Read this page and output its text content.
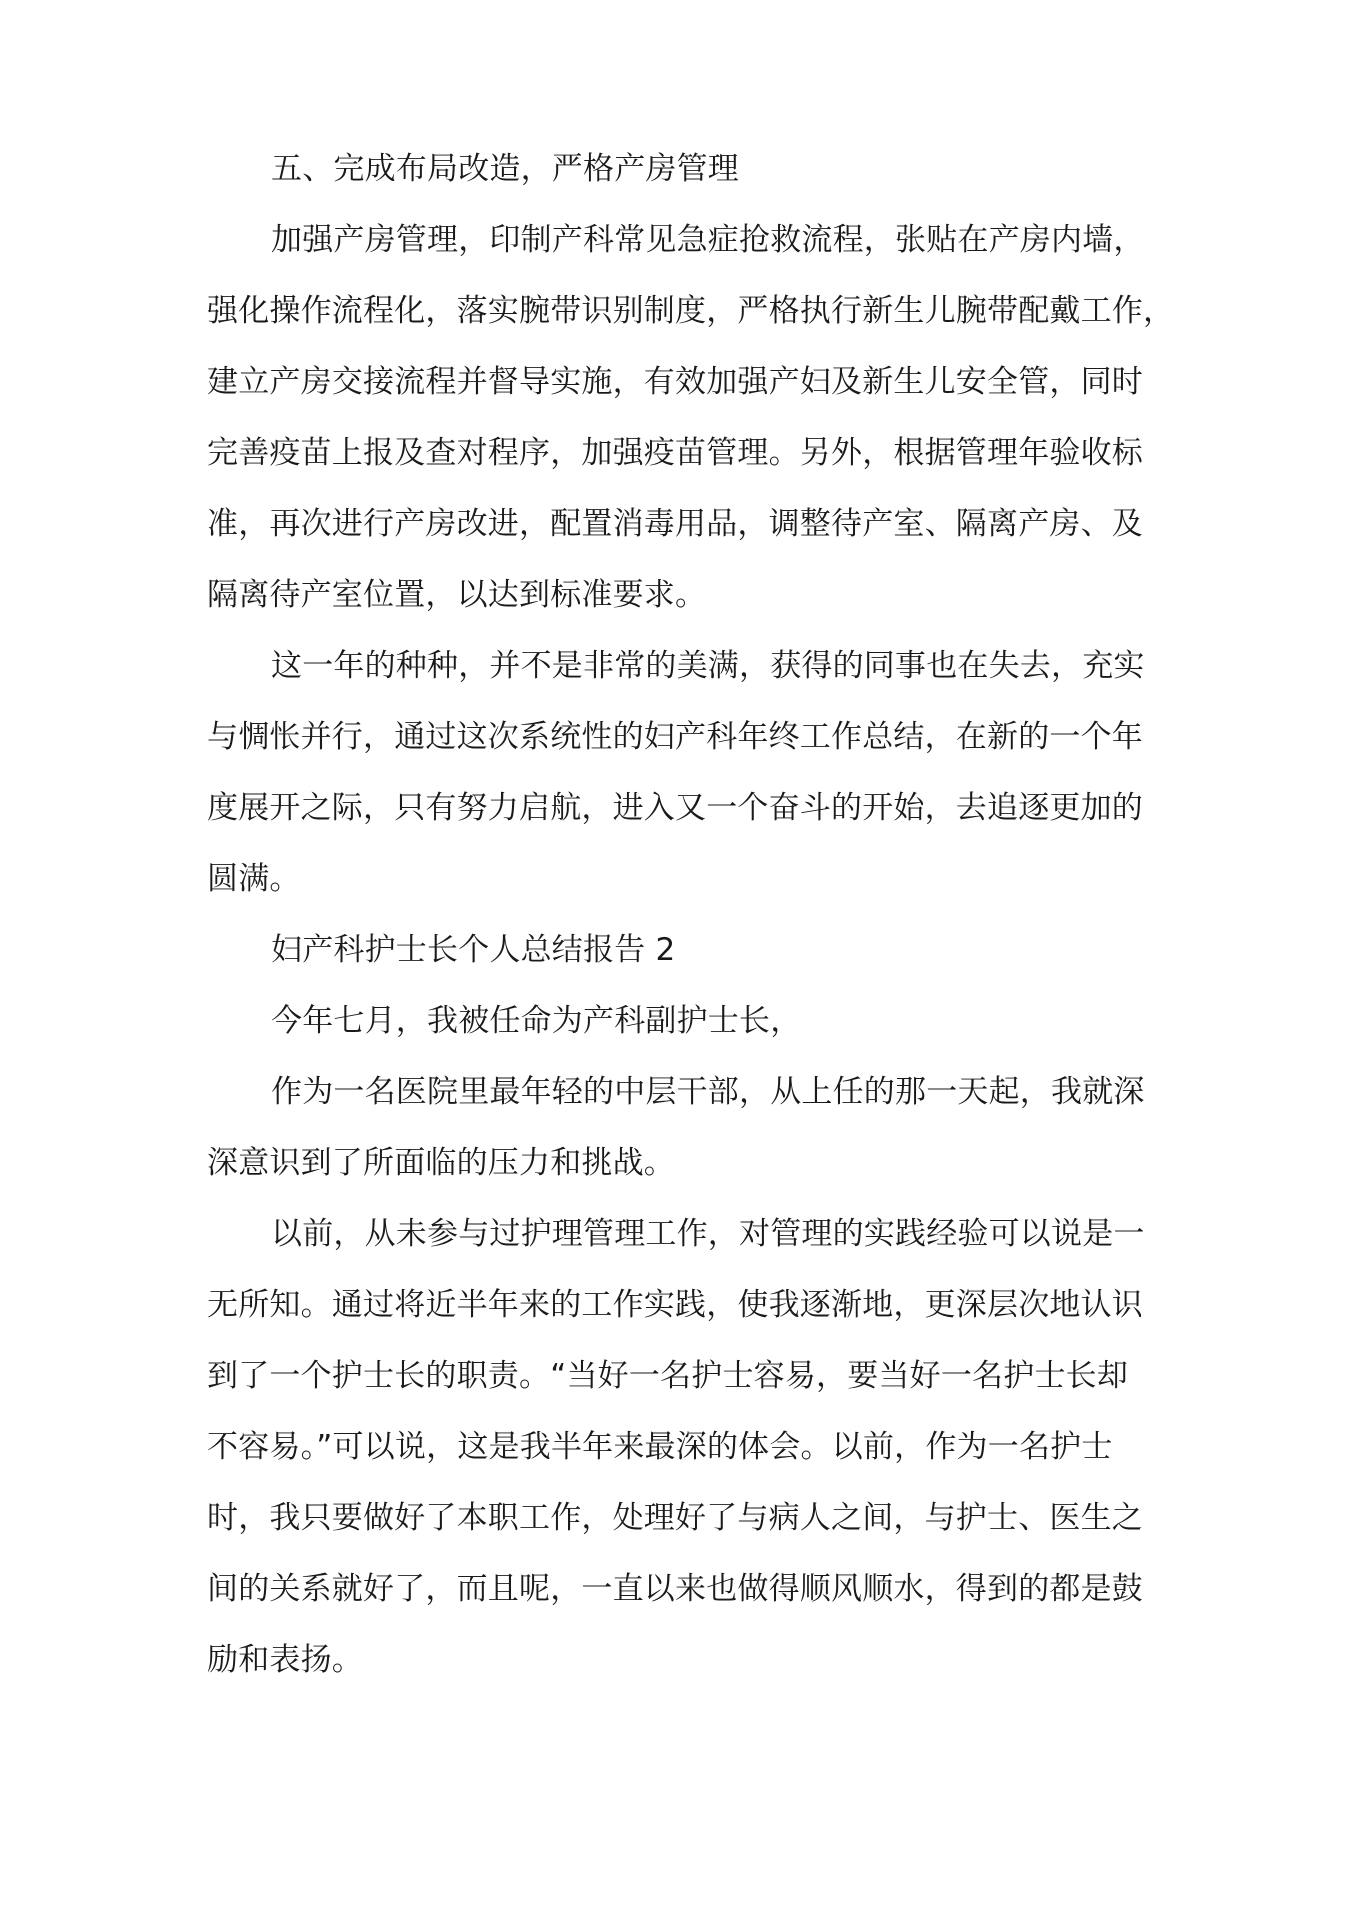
五、完成布局改造，严格产房管理
加强产房管理，印制产科常见急症抢救流程，张贴在产房内墙，
强化操作流程化，落实腕带识别制度，严格执行新生儿腕带配戴工作，
建立产房交接流程并督导实施，有效加强产妇及新生儿安全管，同时
完善疫苗上报及查对程序，加强疫苗管理。另外，根据管理年验收标
准，再次进行产房改进，配置消毒用品，调整待产室、隔离产房、及
隔离待产室位置，以达到标准要求。
这一年的种种，并不是非常的美满，获得的同事也在失去，充实
与惆怅并行，通过这次系统性的妇产科年终工作总结，在新的一个年
度展开之际，只有努力启航，进入又一个奋斗的开始，去追逐更加的
圆满。
妇产科护士长个人总结报告 2
今年七月，我被任命为产科副护士长，
作为一名医院里最年轻的中层干部，从上任的那一天起，我就深
深意识到了所面临的压力和挑战。
以前，从未参与过护理管理工作，对管理的实践经验可以说是一
无所知。通过将近半年来的工作实践，使我逐渐地，更深层次地认识
到了一个护士长的职责。“当好一名护士容易，要当好一名护士长却
不容易。”可以说，这是我半年来最深的体会。以前，作为一名护士
时，我只要做好了本职工作，处理好了与病人之间，与护士、医生之
间的关系就好了，而且呢，一直以来也做得顺风顺水，得到的都是鼓
励和表扬。
